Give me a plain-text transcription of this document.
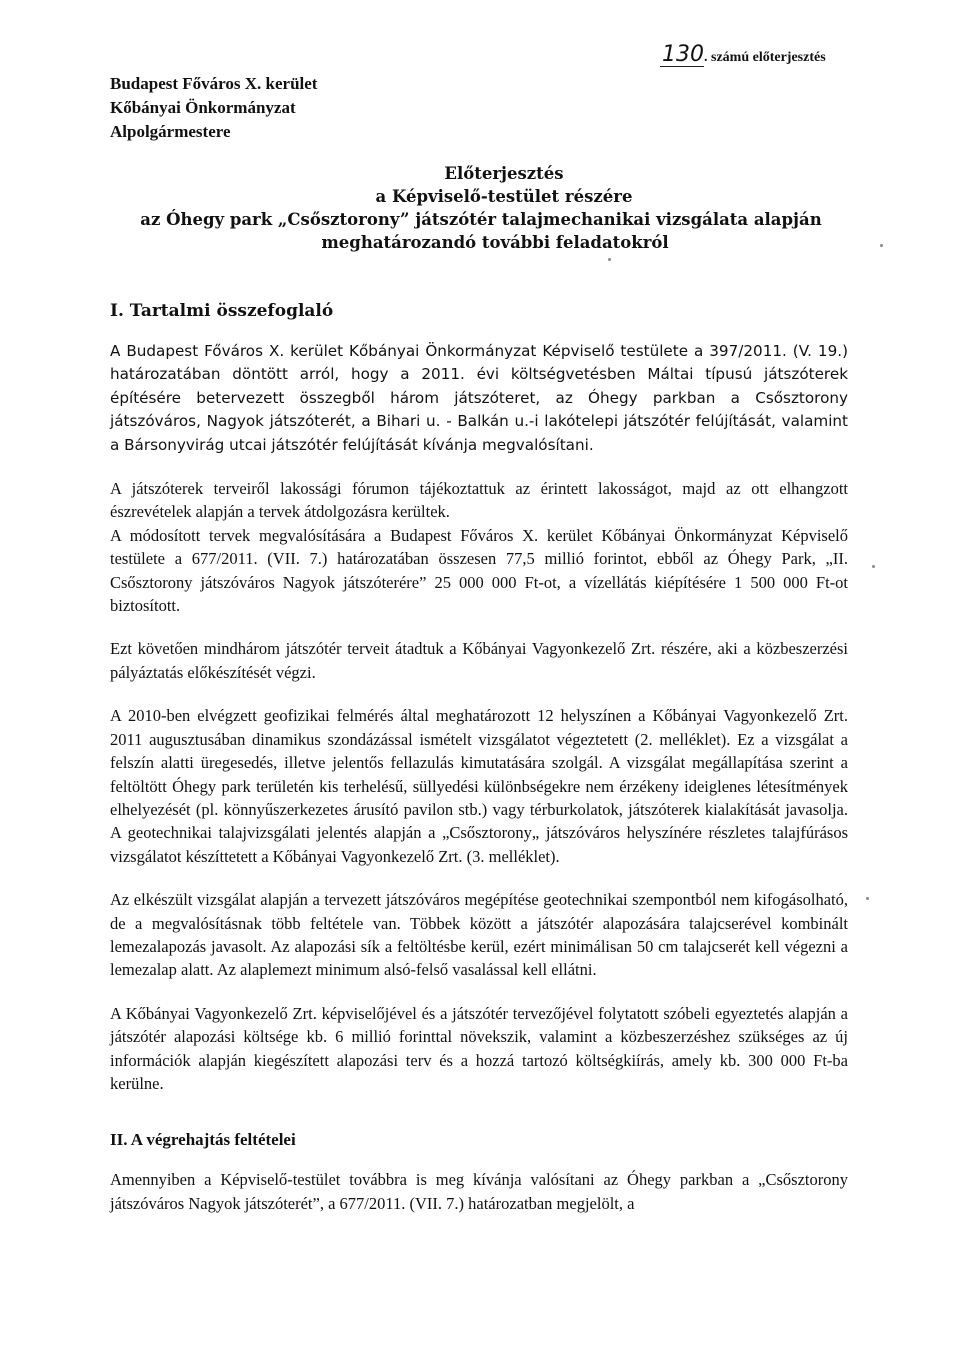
Budapest Főváros X. kerület
Kőbányai Önkormányzat
Alpolgármestere
130. számú előterjesztés
Előterjesztés
a Képviselő-testület részére
az Óhegy park „Csősztorony” játszótér talajmechanikai vizsgálata alapján
meghatározandó további feladatokról
I. Tartalmi összefoglaló

A Budapest Főváros X. kerület Kőbányai Önkormányzat Képviselő testülete a 397/2011. (V. 19.) határozatában döntött arról, hogy a 2011. évi költségvetésben Máltai típusú játszóterek építésére betervezett összegből három játszóteret, az Óhegy parkban a Csősztorony játszóváros, Nagyok játszóterét, a Bihari u. - Balkán u.-i lakótelepi játszótér felújítását, valamint a Bársonyvirág utcai játszótér felújítását kívánja megvalósítani.

A játszóterek terveiről lakossági fórumon tájékoztattuk az érintett lakosságot, majd az ott elhangzott észrevételek alapján a tervek átdolgozásra kerültek.

A módosított tervek megvalósítására a Budapest Főváros X. kerület Kőbányai Önkormányzat Képviselő testülete a 677/2011. (VII. 7.) határozatában összesen 77,5 millió forintot, ebből az Óhegy Park, „II. Csősztorony játszóváros Nagyok játszóterére” 25 000 000 Ft-ot, a vízellátás kiépítésére 1 500 000 Ft-ot biztosított.

Ezt követően mindhárom játszótér terveit átadtuk a Kőbányai Vagyonkezelő Zrt. részére, aki a közbeszerzési pályáztatás előkészítését végzi.

A 2010-ben elvégzett geofizikai felmérés által meghatározott 12 helyszínen a Kőbányai Vagyonkezelő Zrt. 2011 augusztusában dinamikus szondázással ismételt vizsgálatot végeztetett (2. melléklet). Ez a vizsgálat a felszín alatti üregesedés, illetve jelentős fellazulás kimutatására szolgál. A vizsgálat megállapítása szerint a feltöltött Óhegy park területén kis terhelésű, süllyedési különbségekre nem érzékeny ideiglenes létesítmények elhelyezését (pl. könnyűszerkezetes árusító pavilon stb.) vagy térburkolatok, játszóterek kialakítását javasolja. A geotechnikai talajvizsgálati jelentés alapján a „Csősztorony„ játszóváros helyszínére részletes talajfúrásos vizsgálatot készíttetett a Kőbányai Vagyonkezelő Zrt. (3. melléklet).

Az elkészült vizsgálat alapján a tervezett játszóváros megépítése geotechnikai szempontból nem kifogásolható, de a megvalósításnak több feltétele van. Többek között a játszótér alapozására talajcserével kombinált lemezalapozás javasolt. Az alapozási sík a feltöltésbe kerül, ezért minimálisan 50 cm talajcserét kell végezni a lemezalap alatt. Az alaplemezt minimum alsó-felső vasalással kell ellátni.

A Kőbányai Vagyonkezelő Zrt. képviselőjével és a játszótér tervezőjével folytatott szóbeli egyeztetés alapján a játszótér alapozási költsége kb. 6 millió forinttal növekszik, valamint a közbeszerzéshez szükséges az új információk alapján kiegészített alapozási terv és a hozzá tartozó költségkiírás, amely kb. 300 000 Ft-ba kerülne.

II. A végrehajtás feltételei

Amennyiben a Képviselő-testület továbbra is meg kívánja valósítani az Óhegy parkban a „Csősztorony játszóváros Nagyok játszóterét”, a 677/2011. (VII. 7.) határozatban megjelölt, a
